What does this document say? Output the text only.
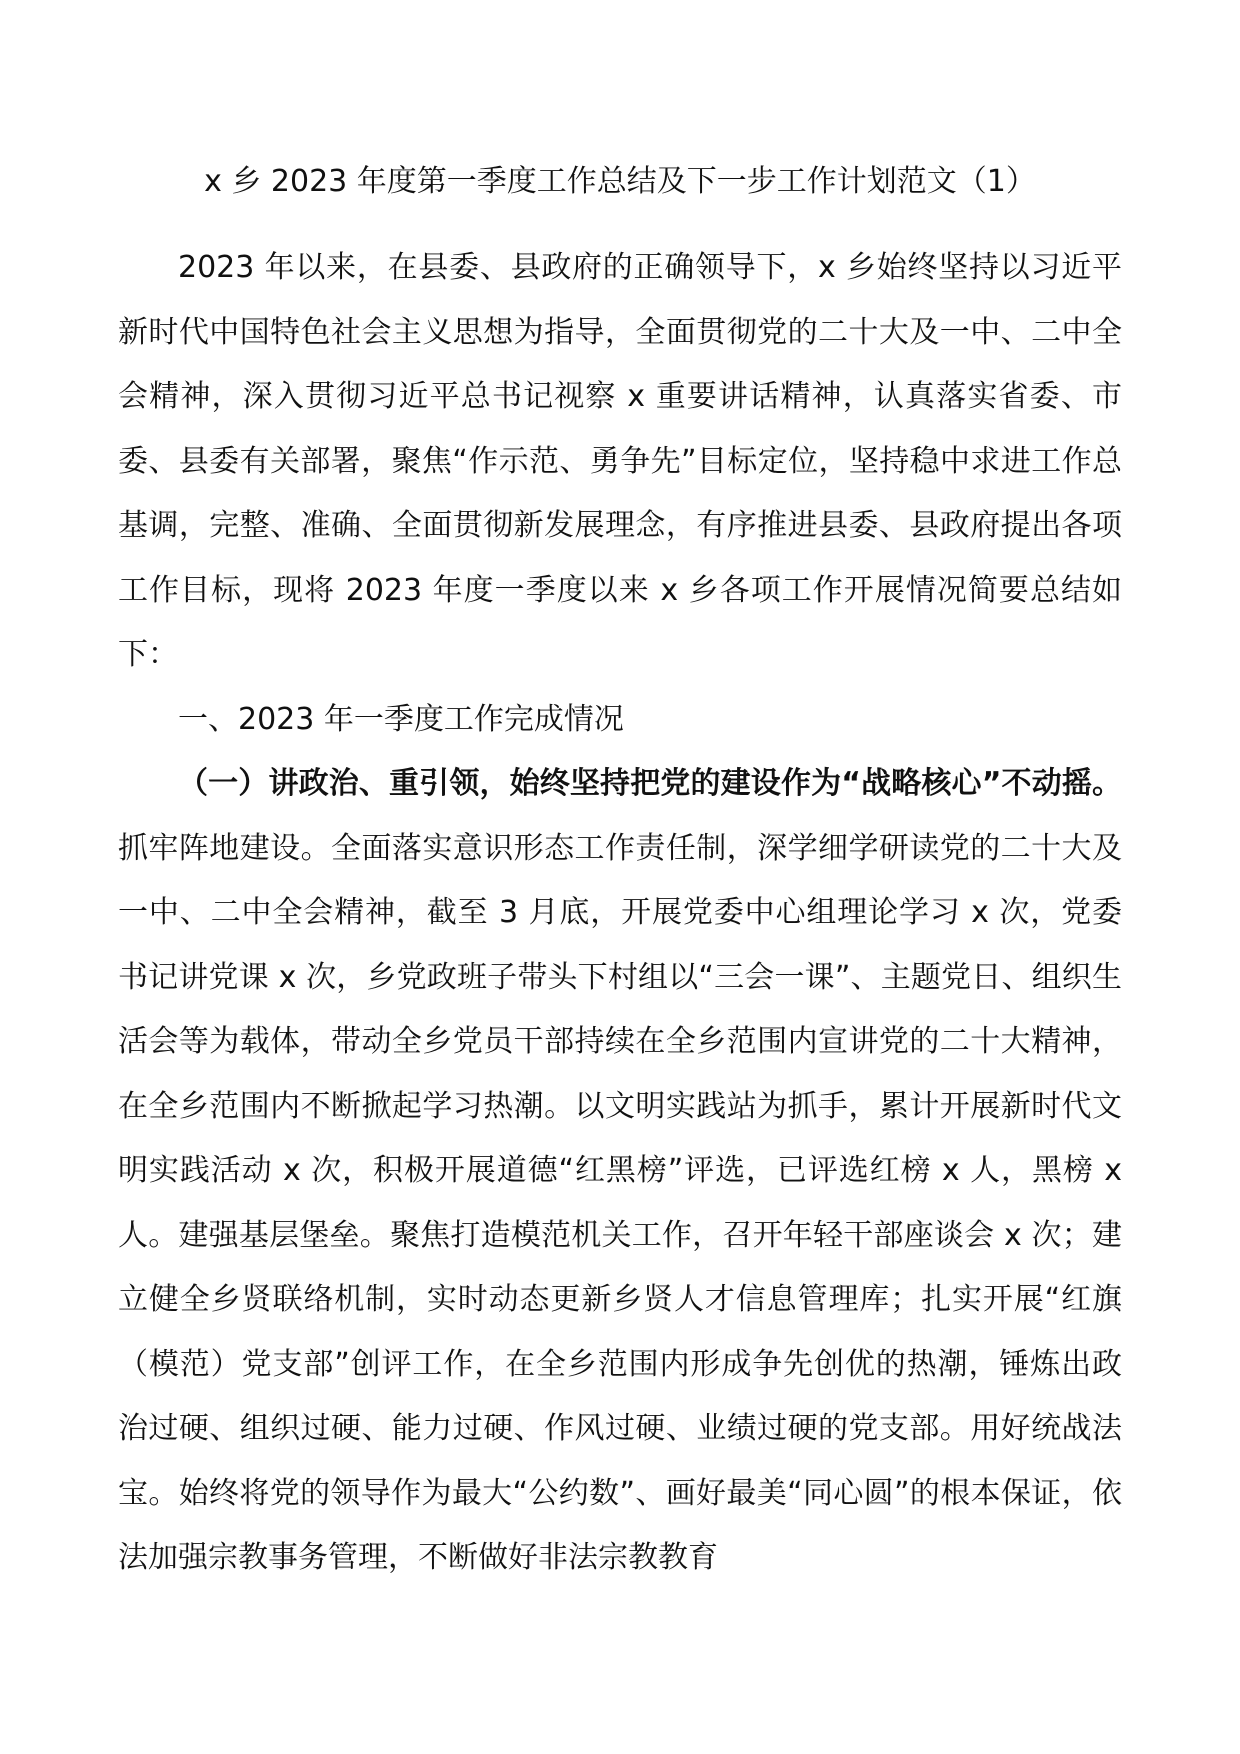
x 乡 2023 年度第一季度工作总结及下一步工作计划范文（1）

2023 年以来，在县委、县政府的正确领导下，x 乡始终坚持以习近平新时代中国特色社会主义思想为指导，全面贯彻党的二十大及一中、二中全会精神，深入贯彻习近平总书记视察 x 重要讲话精神，认真落实省委、市委、县委有关部署，聚焦“作示范、勇争先”目标定位，坚持稳中求进工作总基调，完整、准确、全面贯彻新发展理念，有序推进县委、县政府提出各项工作目标，现将 2023 年度一季度以来 x 乡各项工作开展情况简要总结如下：

一、2023 年一季度工作完成情况

（一）讲政治、重引领，始终坚持把党的建设作为“战略核心”不动摇。抓牢阵地建设。全面落实意识形态工作责任制，深学细学研读党的二十大及一中、二中全会精神，截至 3 月底，开展党委中心组理论学习 x 次，党委书记讲党课 x 次，乡党政班子带头下村组以“三会一课”、主题党日、组织生活会等为载体，带动全乡党员干部持续在全乡范围内宣讲党的二十大精神，在全乡范围内不断掀起学习热潮。以文明实践站为抓手，累计开展新时代文明实践活动 x 次，积极开展道德“红黑榜”评选，已评选红榜 x 人，黑榜 x 人。建强基层堡垒。聚焦打造模范机关工作，召开年轻干部座谈会 x 次；建立健全乡贤联络机制，实时动态更新乡贤人才信息管理库；扎实开展“红旗（模范）党支部”创评工作，在全乡范围内形成争先创优的热潮，锤炼出政治过硬、组织过硬、能力过硬、作风过硬、业绩过硬的党支部。用好统战法宝。始终将党的领导作为最大“公约数”、画好最美“同心圆”的根本保证，依法加强宗教事务管理，不断做好非法宗教教育
